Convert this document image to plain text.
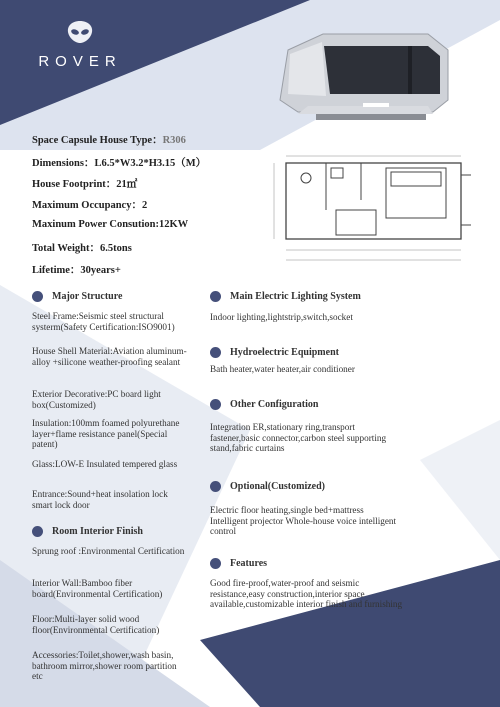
ROVER
Space Capsule House Type：R306
Dimensions：L6.5*W3.2*H3.15（M）
House Footprint：21㎡
Maximum Occupancy：2
Maxinum Power Consution:12KW
Total Weight：6.5tons
Lifetime：30years+
Major Structure
Steel Frame:Seismic steel structural systerm(Safety Certification:ISO9001)
House Shell Material:Aviation aluminum-alloy +silicone weather-proofing sealant
Exterior Decorative:PC board light box(Customized)
Insulation:100mm foamed polyurethane layer+flame resistance panel(Special patent)
Glass:LOW-E Insulated tempered glass
Entrance:Sound+heat insolation lock smart lock door
Room Interior Finish
Sprung roof :Environmental Certification
Interior Wall:Bamboo fiber board(Environmental Certification)
Floor:Multi-layer solid wood floor(Environmental Certification)
Accessories:Toilet,shower,wash basin, bathroom mirror,shower room partition etc
Main Electric Lighting System
Indoor lighting,lightstrip,switch,socket
Hydroelectric Equipment
Bath heater,water heater,air conditioner
Other Configuration
Integration ER,stationary ring,transport fastener,basic connector,carbon steel supporting stand,fabric curtains
Optional(Customized)
Electric floor heating,single bed+mattress Intelligent projector Whole-house voice intelligent control
Features
Good fire-proof,water-proof and seismic resistance,easy construction,interior space available,customizable interior finish and furnishing
